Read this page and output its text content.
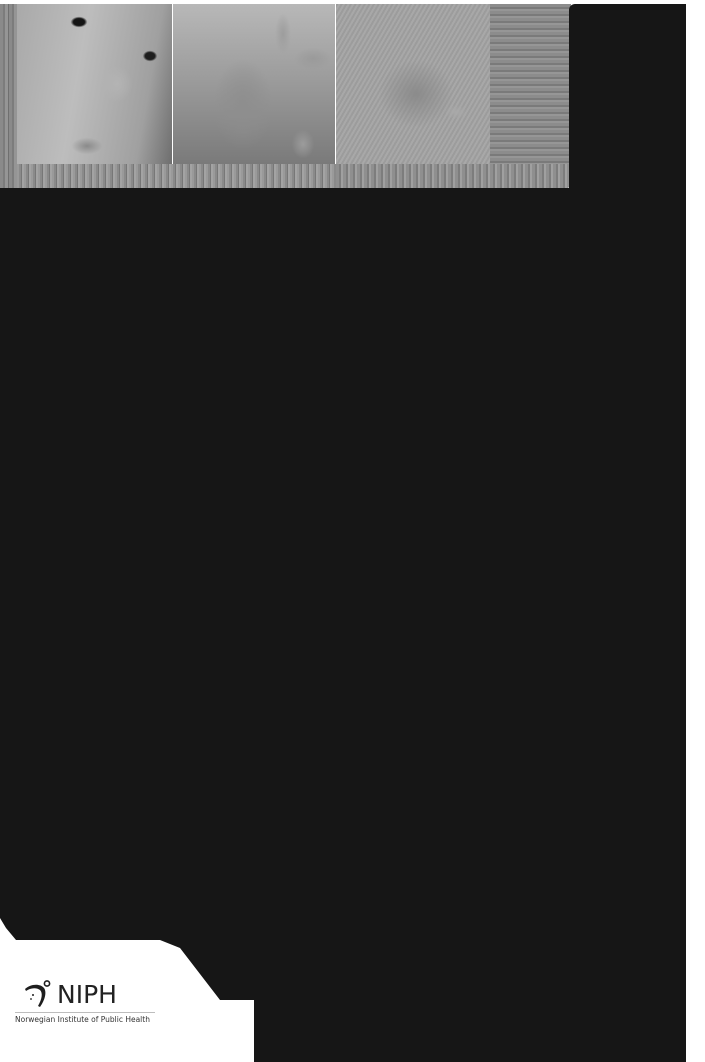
NIPH
Norwegian Institute of Public Health
